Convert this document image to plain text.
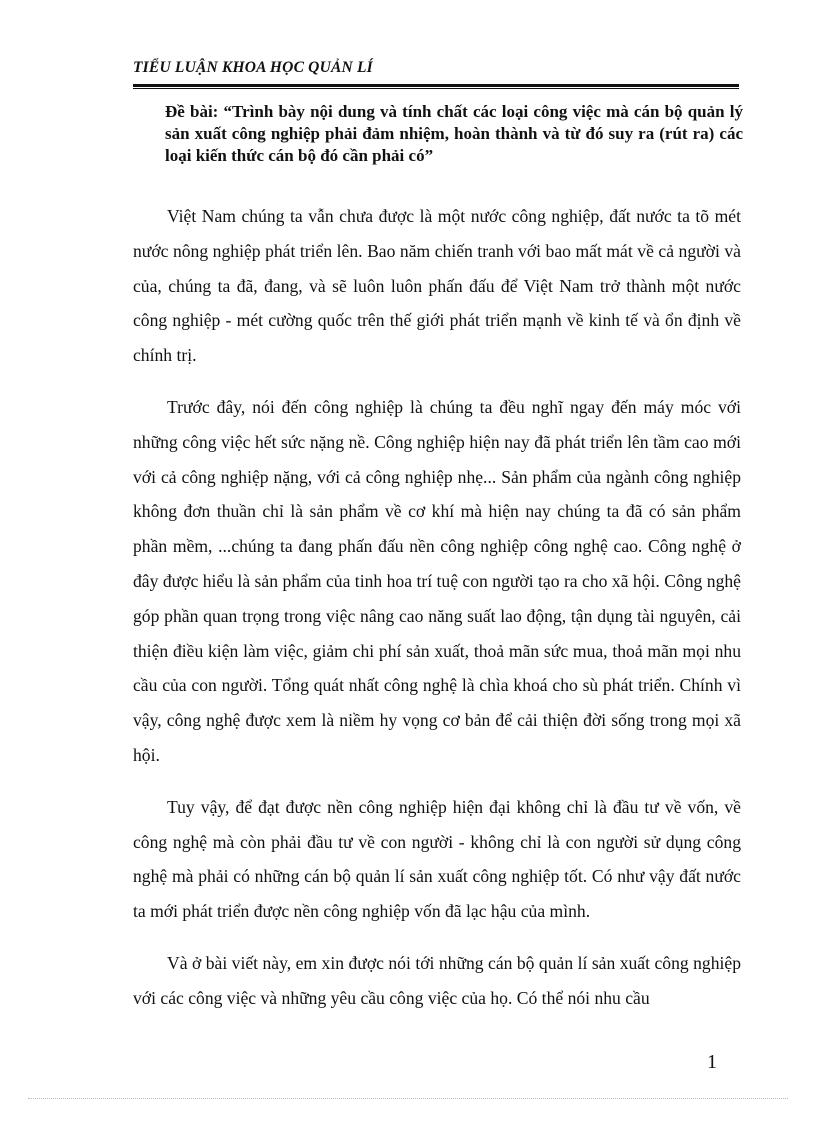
TIỂU LUẬN KHOA HỌC QUẢN LÍ
Đề bài: “Trình bày nội dung và tính chất các loại công việc mà cán bộ quản lý sản xuất công nghiệp phải đảm nhiệm, hoàn thành và từ đó suy ra (rút ra) các loại kiến thức cán bộ đó cần phải có”

Việt Nam chúng ta vẫn chưa được là một nước công nghiệp, đất nước ta tõ mét nước nông nghiệp phát triển lên. Bao năm chiến tranh với bao mất mát về cả người và của, chúng ta đã, đang, và sẽ luôn luôn phấn đấu để Việt Nam trở thành một nước công nghiệp - mét cường quốc trên thế giới phát triển mạnh về kinh tế và ổn định về chính trị.

Trước đây, nói đến công nghiệp là chúng ta đều nghĩ ngay đến máy móc với những công việc hết sức nặng nề. Công nghiệp hiện nay đã phát triển lên tầm cao mới với cả công nghiệp nặng, với cả công nghiệp nhẹ... Sản phẩm của ngành công nghiệp không đơn thuần chỉ là sản phẩm về cơ khí mà hiện nay chúng ta đã có sản phẩm phần mềm, ...chúng ta đang phấn đấu nền công nghiệp công nghệ cao. Công nghệ ở đây được hiểu là sản phẩm của tinh hoa trí tuệ con người tạo ra cho xã hội. Công nghệ góp phần quan trọng trong việc nâng cao năng suất lao động, tận dụng tài nguyên, cải thiện điều kiện làm việc, giảm chi phí sản xuất, thoả mãn sức mua, thoả mãn mọi nhu cầu của con người. Tổng quát nhất công nghệ là chìa khoá cho sù phát triển. Chính vì vậy, công nghệ được xem là niềm hy vọng cơ bản để cải thiện đời sống trong mọi xã hội.

Tuy vậy, để đạt được nền công nghiệp hiện đại không chỉ là đầu tư về vốn, về công nghệ mà còn phải đầu tư về con người - không chỉ là con người sử dụng công nghệ mà phải có những cán bộ quản lí sản xuất công nghiệp tốt. Có như vậy đất nước ta mới phát triển được nền công nghiệp vốn đã lạc hậu của mình.

Và ở bài viết này, em xin được nói tới những cán bộ quản lí sản xuất công nghiệp với các công việc và những yêu cầu công việc của họ. Có thể nói nhu cầu

1
